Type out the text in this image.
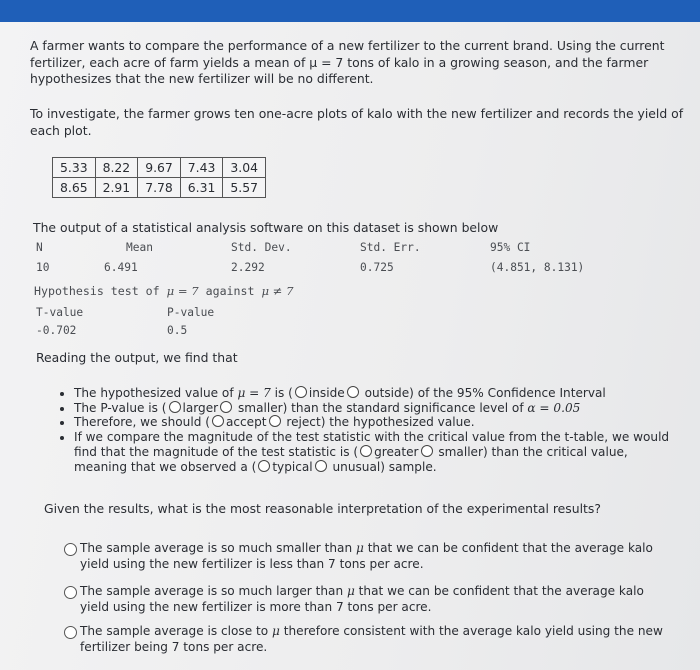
A farmer wants to compare the performance of a new fertilizer to the current brand. Using the current fertilizer, each acre of farm yields a mean of μ = 7 tons of kalo in a growing season, and the farmer hypothesizes that the new fertilizer will be no different.
To investigate, the farmer grows ten one-acre plots of kalo with the new fertilizer and records the yield of each plot.
5.33	8.22	9.67	7.43	3.04
8.65	2.91	7.78	6.31	5.57
The output of a statistical analysis software on this dataset is shown below
N	Mean	Std. Dev.	Std. Err.	95% CI
10	6.491	2.292	0.725	(4.851, 8.131)
Hypothesis test of μ = 7 against μ ≠ 7
T-value	P-value
-0.702	0.5
Reading the output, we find that
• The hypothesized value of μ = 7 is ( inside outside) of the 95% Confidence Interval
• The P-value is ( larger smaller) than the standard significance level of α = 0.05
• Therefore, we should ( accept reject) the hypothesized value.
• If we compare the magnitude of the test statistic with the critical value from the t-table, we would find that the magnitude of the test statistic is ( greater smaller) than the critical value, meaning that we observed a ( typical unusual) sample.
Given the results, what is the most reasonable interpretation of the experimental results?
The sample average is so much smaller than μ that we can be confident that the average kalo yield using the new fertilizer is less than 7 tons per acre.
The sample average is so much larger than μ that we can be confident that the average kalo yield using the new fertilizer is more than 7 tons per acre.
The sample average is close to μ therefore consistent with the average kalo yield using the new fertilizer being 7 tons per acre.
